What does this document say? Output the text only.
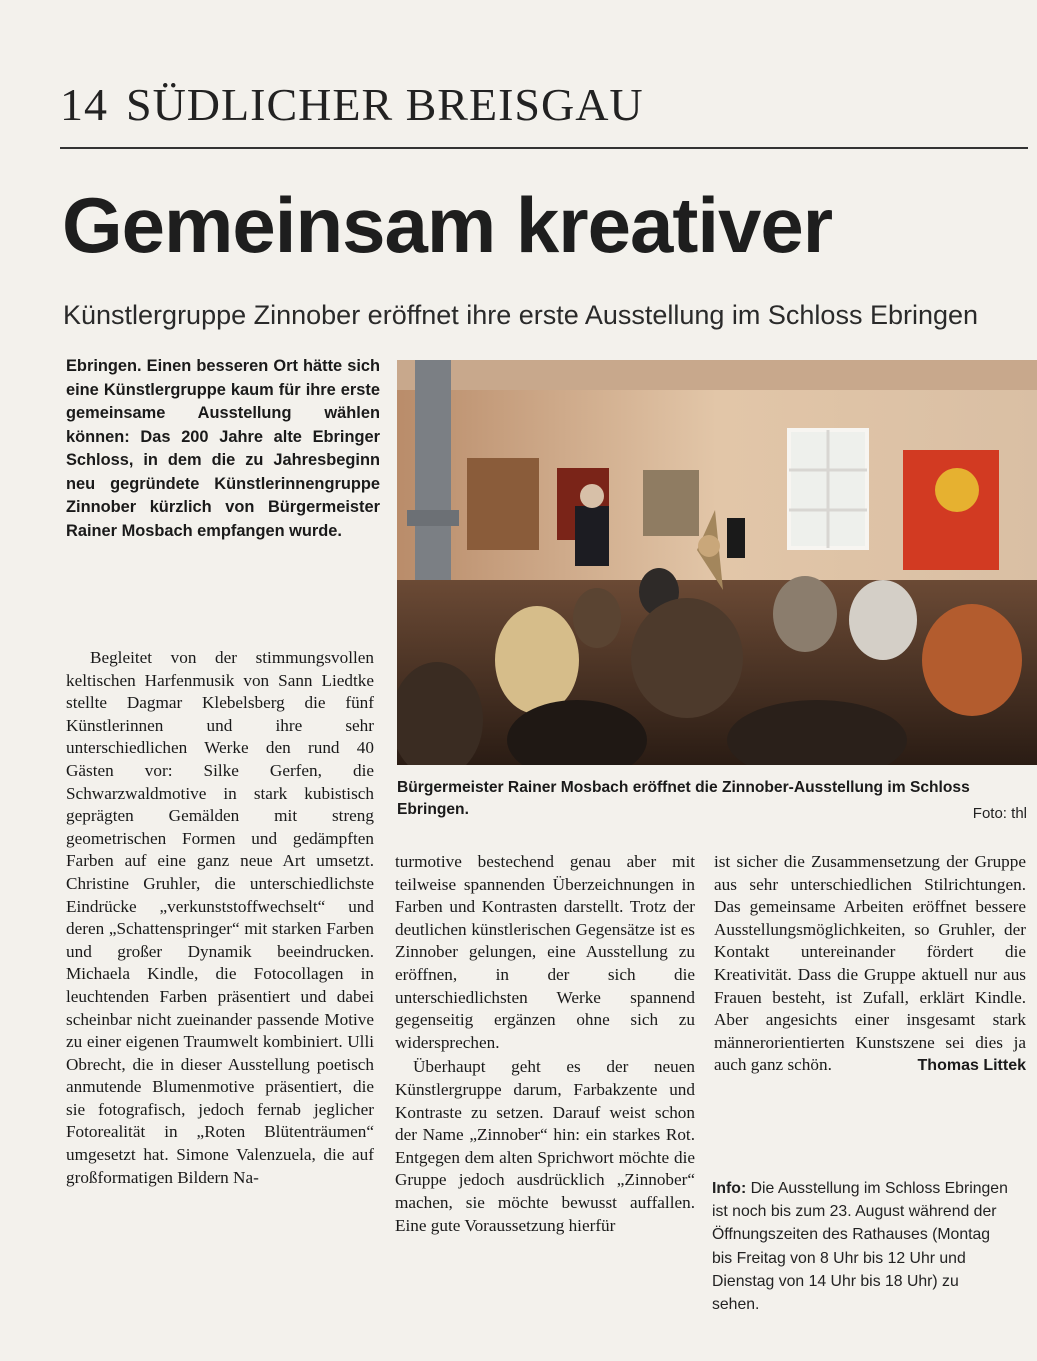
14 SÜDLICHER BREISGAU
Gemeinsam kreativer
Künstlergruppe Zinnober eröffnet ihre erste Ausstellung im Schloss Ebringen

Ebringen. Einen besseren Ort hätte sich eine Künstlergruppe kaum für ihre erste gemeinsame Ausstellung wählen können: Das 200 Jahre alte Ebringer Schloss, in dem die zu Jahresbeginn neu gegründete Künstlerinnengruppe Zinnober kürzlich von Bürgermeister Rainer Mosbach empfangen wurde.

Begleitet von der stimmungsvollen keltischen Harfenmusik von Sann Liedtke stellte Dagmar Klebelsberg die fünf Künstlerinnen und ihre sehr unterschiedlichen Werke den rund 40 Gästen vor: Silke Gerfen, die Schwarzwaldmotive in stark kubistisch geprägten Gemälden mit streng geometrischen Formen und gedämpften Farben auf eine ganz neue Art umsetzt. Christine Gruhler, die unterschiedlichste Eindrücke „verkunststoffwechselt“ und deren „Schattenspringer“ mit starken Farben und großer Dynamik beeindrucken. Michaela Kindle, die Fotocollagen in leuchtenden Farben präsentiert und dabei scheinbar nicht zueinander passende Motive zu einer eigenen Traumwelt kombiniert. Ulli Obrecht, die in dieser Ausstellung poetisch anmutende Blumenmotive präsentiert, die sie fotografisch, jedoch fernab jeglicher Fotorealität in „Roten Blütenträumen“ umgesetzt hat. Simone Valenzuela, die auf großformatigen Bildern Na-

Bürgermeister Rainer Mosbach eröffnet die Zinnober-Ausstellung im Schloss Ebringen.	Foto: thl

turmotive bestechend genau aber mit teilweise spannenden Überzeichnungen in Farben und Kontrasten darstellt. Trotz der deutlichen künstlerischen Gegensätze ist es Zinnober gelungen, eine Ausstellung zu eröffnen, in der sich die unterschiedlichsten Werke spannend gegenseitig ergänzen ohne sich zu widersprechen.

Überhaupt geht es der neuen Künstlergruppe darum, Farbakzente und Kontraste zu setzen. Darauf weist schon der Name „Zinnober“ hin: ein starkes Rot. Entgegen dem alten Sprichwort möchte die Gruppe jedoch ausdrücklich „Zinnober“ machen, sie möchte bewusst auffallen. Eine gute Voraussetzung hierfür

ist sicher die Zusammensetzung der Gruppe aus sehr unterschiedlichen Stilrichtungen. Das gemeinsame Arbeiten eröffnet bessere Ausstellungsmöglichkeiten, so Gruhler, der Kontakt untereinander fördert die Kreativität. Dass die Gruppe aktuell nur aus Frauen besteht, ist Zufall, erklärt Kindle. Aber angesichts einer insgesamt stark männerorientierten Kunstszene sei dies ja auch ganz schön.	Thomas Littek
Info: Die Ausstellung im Schloss Ebringen ist noch bis zum 23. August während der Öffnungszeiten des Rathauses (Montag bis Freitag von 8 Uhr bis 12 Uhr und Dienstag von 14 Uhr bis 18 Uhr) zu sehen.
